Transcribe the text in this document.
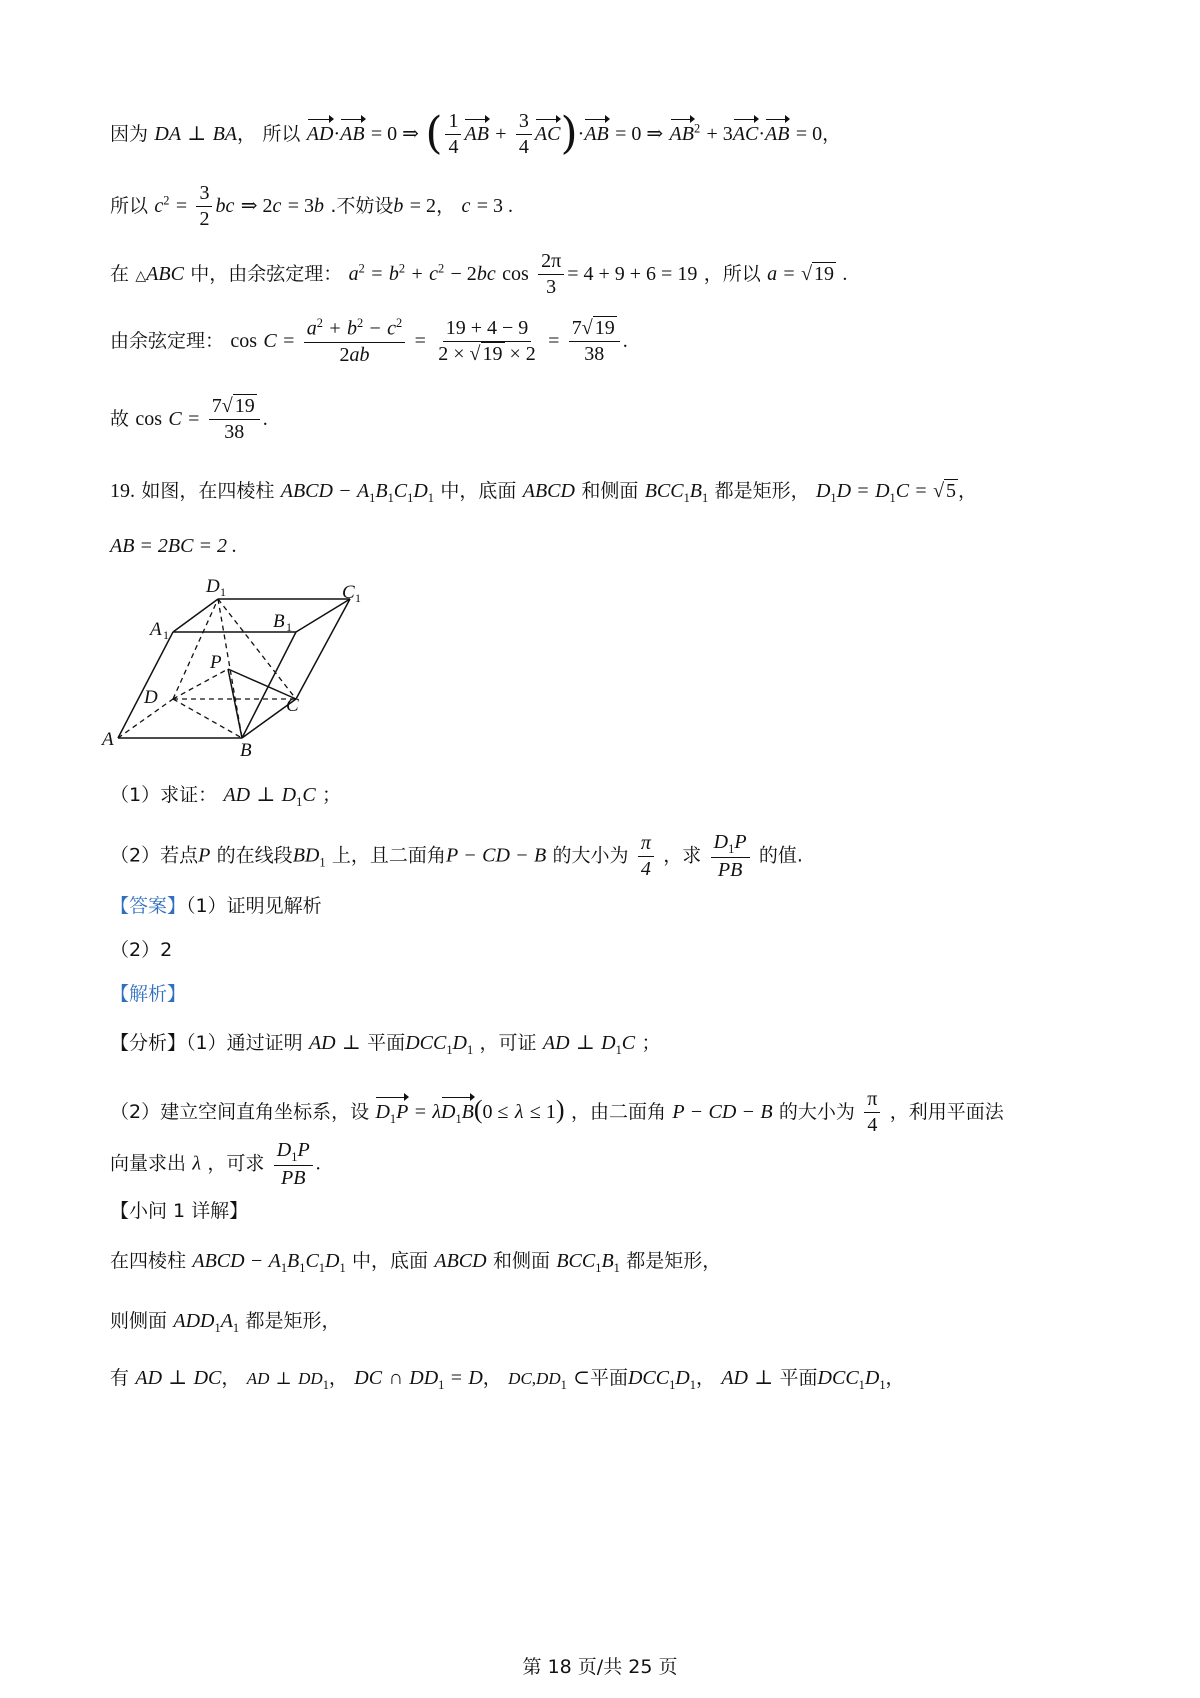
因为 DA ⊥ BA， 所以 AD·AB = 0 ⇒ ( $\frac{1}{4}$ AB + $\frac{3}{4} AC)\cdot AB = 0$ ⇒ $AB^2 + 3AC\cdot AB = 0$，
所以 $c^2 = \frac{3}{2}$ bc ⇒ 2c = 3b .不妨设b = 2， c = 3 .
在 △ABC 中，由余弦定理： $a^2 = b^2 + c^2 - 2bc$ $\cos \frac{2\pi}{3} = 4 + 9 + 6 = 19$ ，所以 a = √ 19 .
由余弦定理： $\cos C = \frac{a^2 + b^2 - c^2}{2ab} = \frac{19 + 4 - 9}{2 \times √ 19 \times 2} = \frac{7√ 19}{38}$ .
故 $\cos C = \frac{7√ 19}{38}$ .
19. 如图，在四棱柱 ABCD − $A_1B_1C_1D_1$ 中，底面 ABCD 和侧面 $BCC_1B_1$ 都是矩形， $D_1D = D_1C$ = √ 5 ，
AB = 2BC = 2 .
D 1	C 1
A 1
B 1
P
D	C
A
B
（1）求证： AD ⊥ $D_1C$ ；
（2）若点P 的在线段$BD_1$ 上，且二面角P − CD − B 的大小为 $\frac{\pi}{4}$ ，求 $\frac{D_1P}{PB}$ 的值.
【答案】（1）证明见解析
（2）2
【解析】
【分析】（1）通过证明 AD ⊥ 平面$DCC_1D_1$ ，可证 AD ⊥ $D_1C$ ；
（2）建立空间直角坐标系，设 $D_1P = \lambda D_1B(0 \le \lambda \le 1)$ ，由二面角 P − CD − B 的大小为 $\frac{\pi}{4}$ ，利用平面法
向量求出 λ ，可求 $\frac{D_1P}{PB}$ .
【小问 1 详解】
在四棱柱 ABCD − $A_1B_1C_1D_1$ 中，底面 ABCD 和侧面 $BCC_1B_1$ 都是矩形，
则侧面 $ADD_1A_1$ 都是矩形，
有 AD ⊥ DC， AD ⊥ $DD_1$， DC ∩ $DD_1 = D$， $DC,DD_1$ ⊂平面$DCC_1D_1$， AD ⊥ 平面$DCC_1D_1$，
第 18 页/共 25 页
